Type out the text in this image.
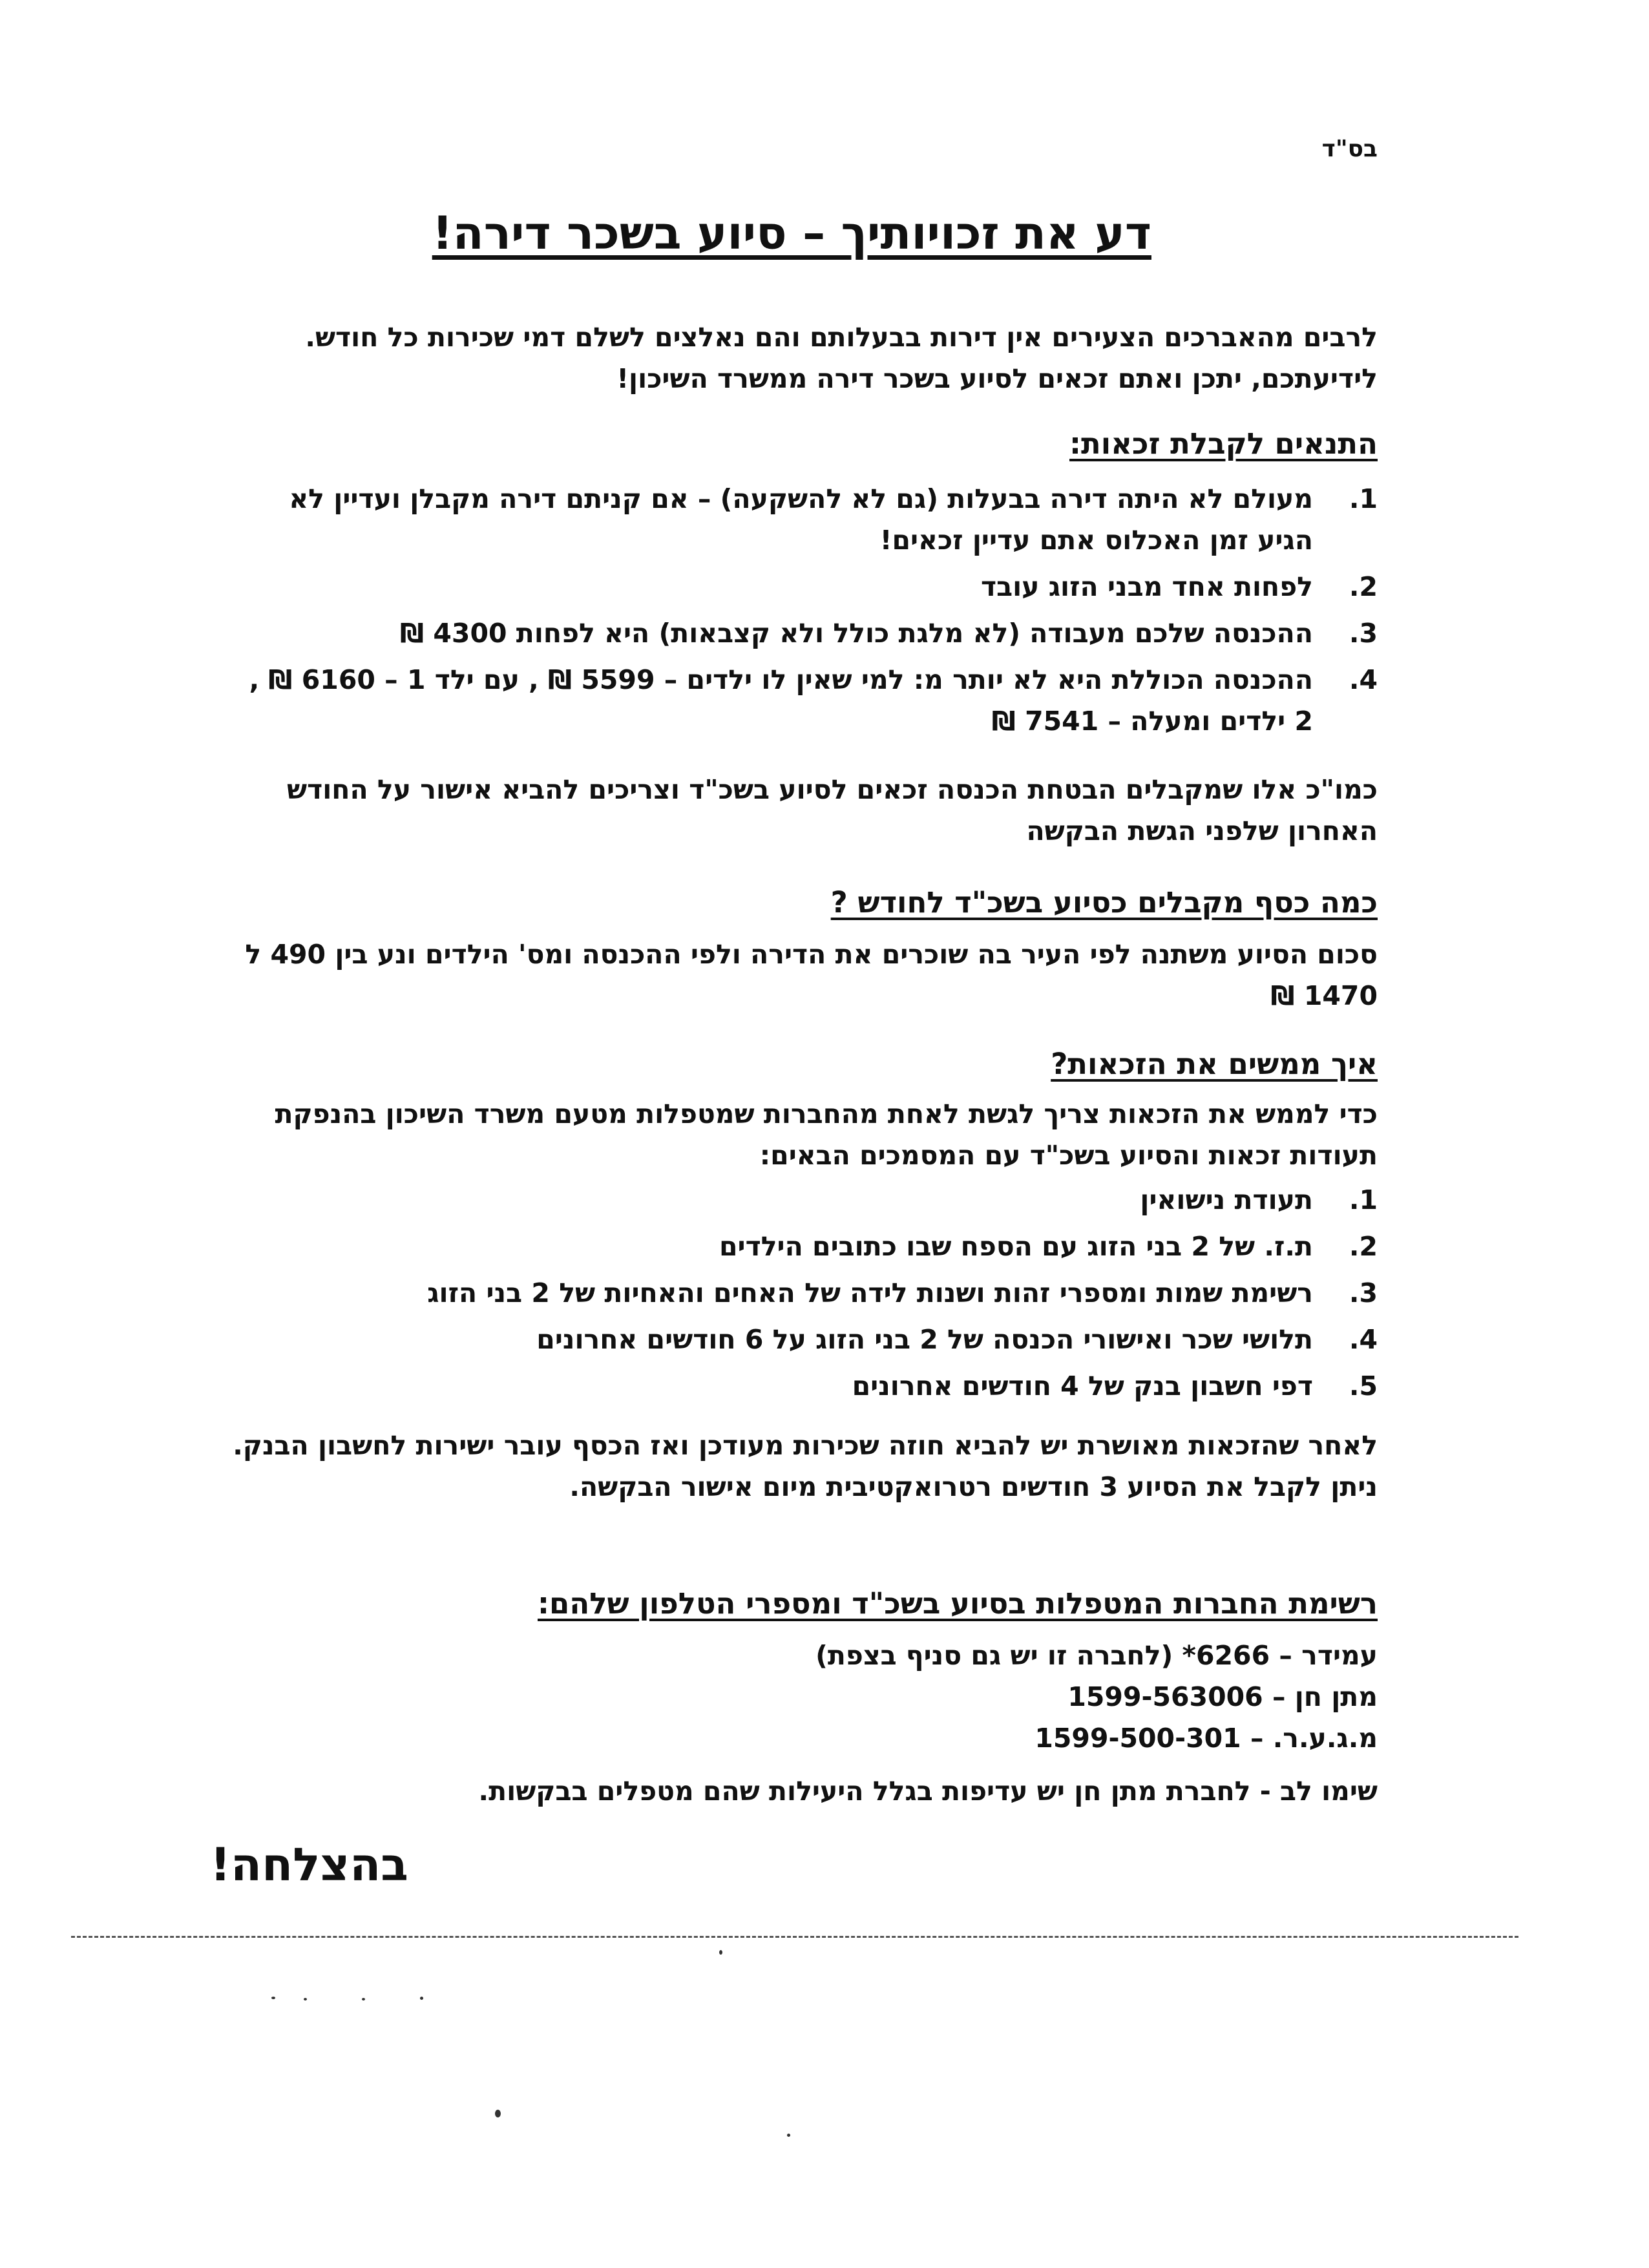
בס"ד
דע את זכויותיך – סיוע בשכר דירה!

לרבים מהאברכים הצעירים אין דירות בבעלותם והם נאלצים לשלם דמי שכירות כל חודש.

לידיעתכם, יתכן ואתם זכאים לסיוע בשכר דירה ממשרד השיכון!

התנאים לקבלת זכאות:
1.
מעולם לא היתה דירה בבעלות (גם לא להשקעה) – אם קניתם דירה מקבלן ועדיין לא הגיע זמן האכלוס אתם עדיין זכאים!
2.
לפחות אחד מבני הזוג עובד
3.
ההכנסה שלכם מעבודה (לא מלגת כולל ולא קצבאות) היא לפחות 4300 ₪
4.
ההכנסה הכוללת היא לא יותר מ: למי שאין לו ילדים – 5599 ₪ , עם ילד 1 – 6160 ₪ , 2 ילדים ומעלה – 7541 ₪

כמו"כ אלו שמקבלים הבטחת הכנסה זכאים לסיוע בשכ"ד וצריכים להביא אישור על החודש האחרון שלפני הגשת הבקשה

כמה כסף מקבלים כסיוע בשכ"ד לחודש ?

סכום הסיוע משתנה לפי העיר בה שוכרים את הדירה ולפי ההכנסה ומס' הילדים ונע בין 490 ל 1470 ₪

איך ממשים את הזכאות?

כדי לממש את הזכאות צריך לגשת לאחת מהחברות שמטפלות מטעם משרד השיכון בהנפקת תעודות זכאות והסיוע בשכ"ד עם המסמכים הבאים:

1.
תעודת נישואין
2.
ת.ז. של 2 בני הזוג עם הספח שבו כתובים הילדים
3.
רשימת שמות ומספרי זהות ושנות לידה של האחים והאחיות של 2 בני הזוג
4.
תלושי שכר ואישורי הכנסה של 2 בני הזוג על 6 חודשים אחרונים
5.
דפי חשבון בנק של 4 חודשים אחרונים

לאחר שהזכאות מאושרת יש להביא חוזה שכירות מעודכן ואז הכסף עובר ישירות לחשבון הבנק.

ניתן לקבל את הסיוע 3 חודשים רטרואקטיבית מיום אישור הבקשה.

רשימת החברות המטפלות בסיוע בשכ"ד ומספרי הטלפון שלהם:

עמידר – 6266* (לחברה זו יש גם סניף בצפת)

מתן חן – 1599-563006

מ.ג.ע.ר. – 1599-500-301

שימו לב - לחברת מתן חן יש עדיפות בגלל היעילות שהם מטפלים בבקשות.

בהצלחה!
